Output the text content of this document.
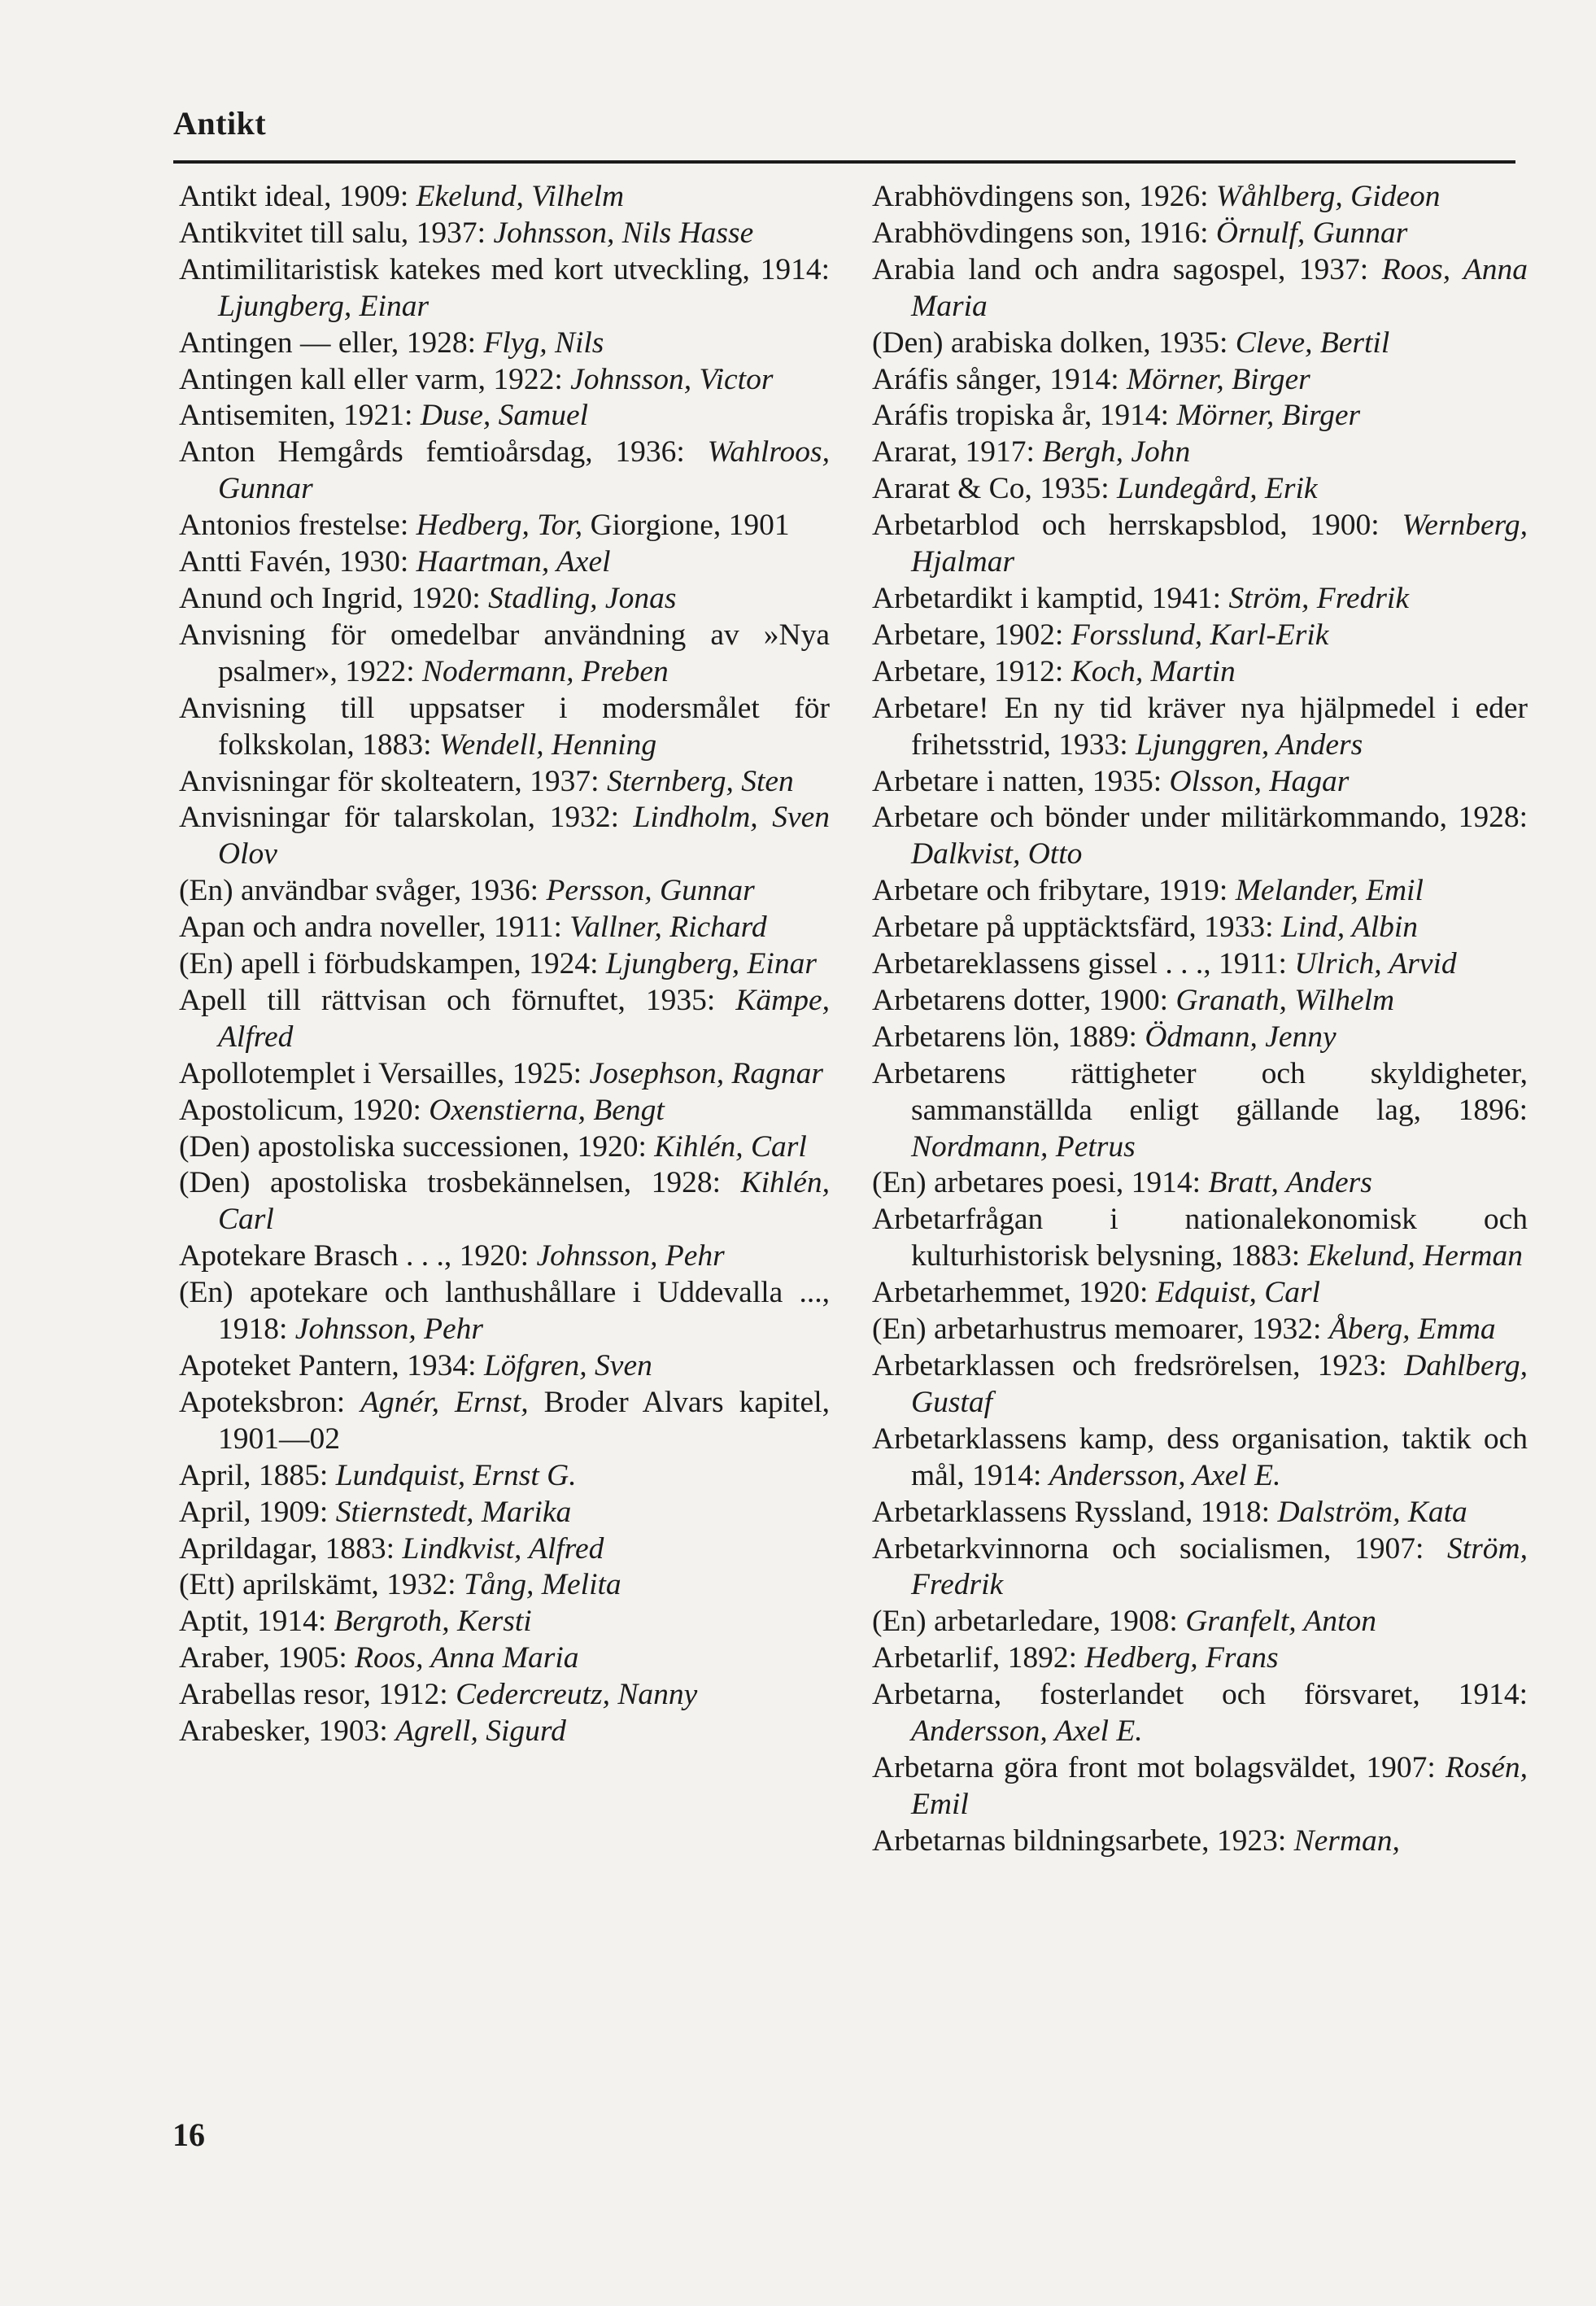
Antikt

Antikt ideal, 1909: Ekelund, Vilhelm

Antikvitet till salu, 1937: Johnsson, Nils Hasse

Antimilitaristisk katekes med kort utveckling, 1914: Ljungberg, Einar

Antingen — eller, 1928: Flyg, Nils

Antingen kall eller varm, 1922: Johnsson, Victor

Antisemiten, 1921: Duse, Samuel

Anton Hemgårds femtioårsdag, 1936: Wahlroos, Gunnar

Antonios frestelse: Hedberg, Tor, Giorgione, 1901

Antti Favén, 1930: Haartman, Axel

Anund och Ingrid, 1920: Stadling, Jonas

Anvisning för omedelbar användning av »Nya psalmer», 1922: Nodermann, Preben

Anvisning till uppsatser i modersmålet för folkskolan, 1883: Wendell, Henning

Anvisningar för skolteatern, 1937: Sternberg, Sten

Anvisningar för talarskolan, 1932: Lindholm, Sven Olov

(En) användbar svåger, 1936: Persson, Gunnar

Apan och andra noveller, 1911: Vallner, Richard

(En) apell i förbudskampen, 1924: Ljungberg, Einar

Apell till rättvisan och förnuftet, 1935: Kämpe, Alfred

Apollotemplet i Versailles, 1925: Josephson, Ragnar

Apostolicum, 1920: Oxenstierna, Bengt

(Den) apostoliska successionen, 1920: Kihlén, Carl

(Den) apostoliska trosbekännelsen, 1928: Kihlén, Carl

Apotekare Brasch . . ., 1920: Johnsson, Pehr

(En) apotekare och lanthushållare i Uddevalla ..., 1918: Johnsson, Pehr

Apoteket Pantern, 1934: Löfgren, Sven

Apoteksbron: Agnér, Ernst, Broder Alvars kapitel, 1901—02

April, 1885: Lundquist, Ernst G.

April, 1909: Stiernstedt, Marika

Aprildagar, 1883: Lindkvist, Alfred

(Ett) aprilskämt, 1932: Tång, Melita

Aptit, 1914: Bergroth, Kersti

Araber, 1905: Roos, Anna Maria

Arabellas resor, 1912: Cedercreutz, Nanny

Arabesker, 1903: Agrell, Sigurd

Arabhövdingens son, 1926: Wåhlberg, Gideon

Arabhövdingens son, 1916: Örnulf, Gunnar

Arabia land och andra sagospel, 1937: Roos, Anna Maria

(Den) arabiska dolken, 1935: Cleve, Bertil

Aráfis sånger, 1914: Mörner, Birger

Aráfis tropiska år, 1914: Mörner, Birger

Ararat, 1917: Bergh, John

Ararat & Co, 1935: Lundegård, Erik

Arbetarblod och herrskapsblod, 1900: Wernberg, Hjalmar

Arbetardikt i kamptid, 1941: Ström, Fredrik

Arbetare, 1902: Forsslund, Karl-Erik

Arbetare, 1912: Koch, Martin

Arbetare! En ny tid kräver nya hjälpmedel i eder frihetsstrid, 1933: Ljunggren, Anders

Arbetare i natten, 1935: Olsson, Hagar

Arbetare och bönder under militärkommando, 1928: Dalkvist, Otto

Arbetare och fribytare, 1919: Melander, Emil

Arbetare på upptäcktsfärd, 1933: Lind, Albin

Arbetareklassens gissel . . ., 1911: Ulrich, Arvid

Arbetarens dotter, 1900: Granath, Wilhelm

Arbetarens lön, 1889: Ödmann, Jenny

Arbetarens rättigheter och skyldigheter, sammanställda enligt gällande lag, 1896: Nordmann, Petrus

(En) arbetares poesi, 1914: Bratt, Anders

Arbetarfrågan i nationalekonomisk och kulturhistorisk belysning, 1883: Ekelund, Herman

Arbetarhemmet, 1920: Edquist, Carl

(En) arbetarhustrus memoarer, 1932: Åberg, Emma

Arbetarklassen och fredsrörelsen, 1923: Dahlberg, Gustaf

Arbetarklassens kamp, dess organisation, taktik och mål, 1914: Andersson, Axel E.

Arbetarklassens Ryssland, 1918: Dalström, Kata

Arbetarkvinnorna och socialismen, 1907: Ström, Fredrik

(En) arbetarledare, 1908: Granfelt, Anton

Arbetarlif, 1892: Hedberg, Frans

Arbetarna, fosterlandet och försvaret, 1914: Andersson, Axel E.

Arbetarna göra front mot bolagsväldet, 1907: Rosén, Emil

Arbetarnas bildningsarbete, 1923: Nerman,

16
